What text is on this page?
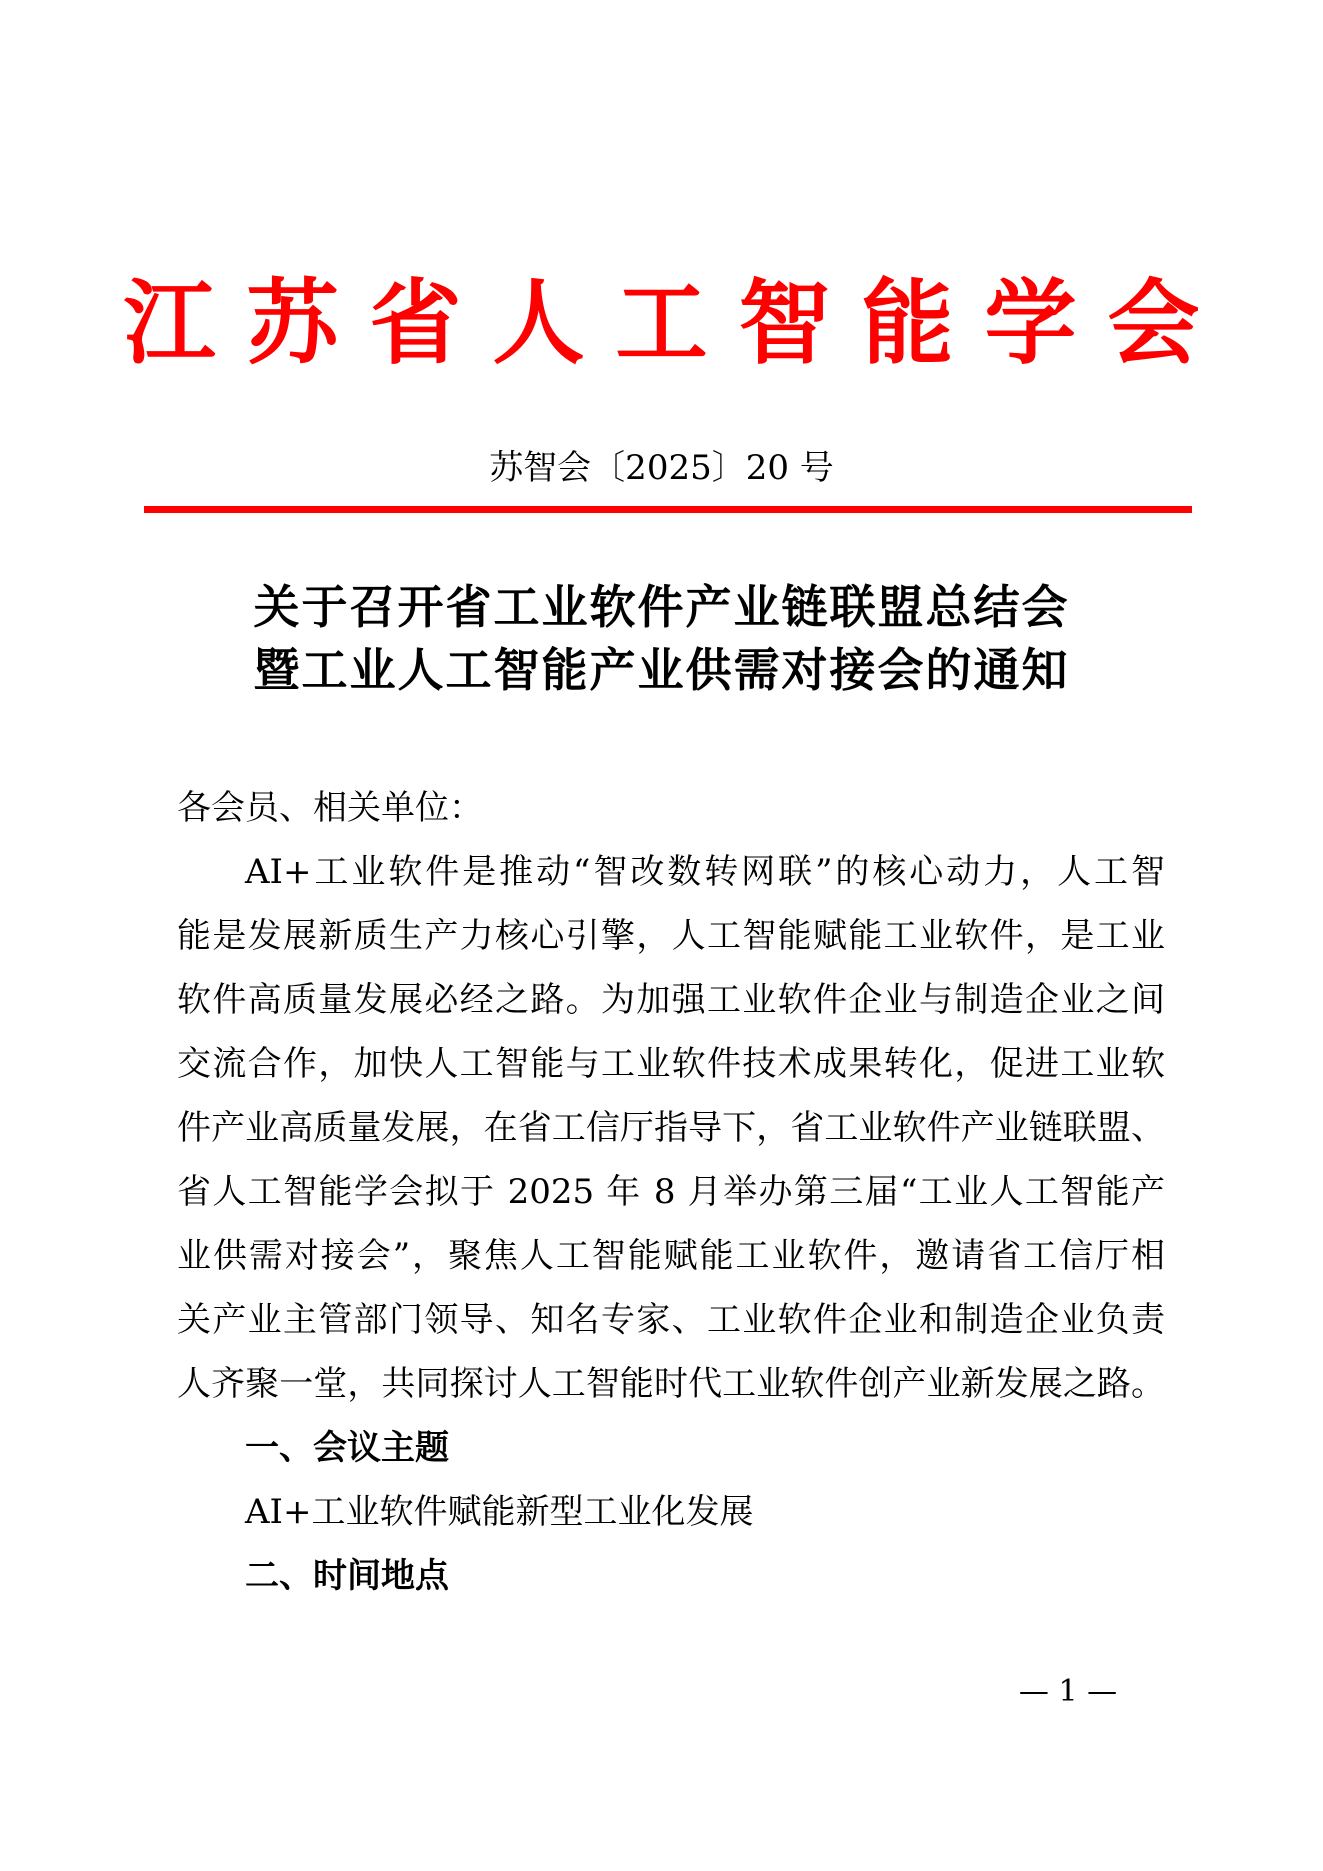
江苏省人工智能学会
苏智会〔2025〕20 号
关于召开省工业软件产业链联盟总结会
暨工业人工智能产业供需对接会的通知
各会员、相关单位：
AI+工业软件是推动“智改数转网联”的核心动力，人工智
能是发展新质生产力核心引擎，人工智能赋能工业软件，是工业
软件高质量发展必经之路。为加强工业软件企业与制造企业之间
交流合作，加快人工智能与工业软件技术成果转化，促进工业软
件产业高质量发展，在省工信厅指导下，省工业软件产业链联盟、
省人工智能学会拟于 2025 年 8 月举办第三届“工业人工智能产
业供需对接会”，聚焦人工智能赋能工业软件，邀请省工信厅相
关产业主管部门领导、知名专家、工业软件企业和制造企业负责
人齐聚一堂，共同探讨人工智能时代工业软件创产业新发展之路。
一、会议主题
AI+工业软件赋能新型工业化发展
二、时间地点
— 1 —
